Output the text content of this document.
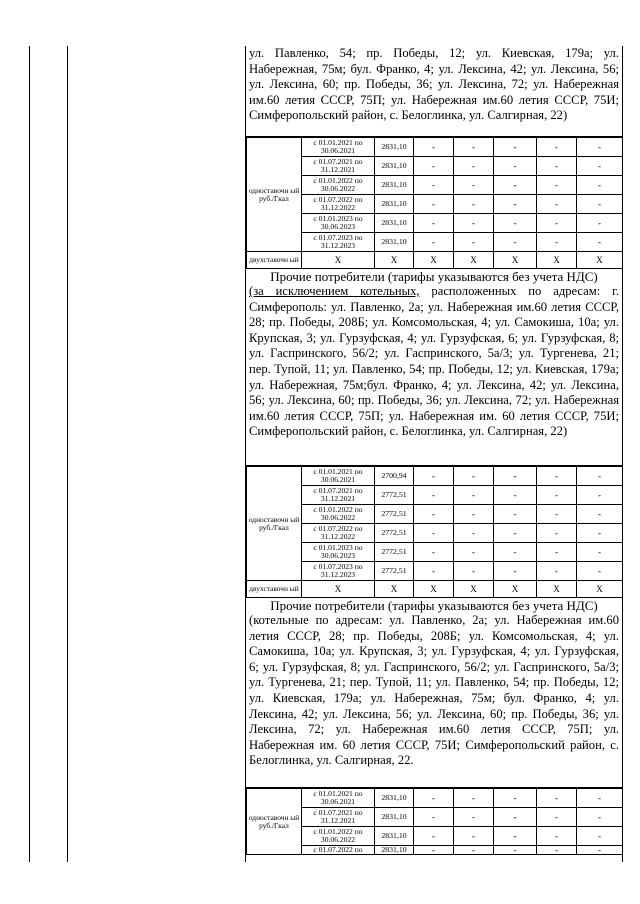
ул. Павленко, 54; пр. Победы, 12; ул. Киевская, 179а; ул. Набережная, 75м; бул. Франко, 4; ул. Лексина, 42; ул. Лексина, 56; ул. Лексина, 60; пр. Победы, 36; ул. Лексина, 72; ул. Набережная им.60 летия СССР, 75П; ул. Набережная им.60 летия СССР, 75И; Симферопольский район, с. Белоглинка, ул. Салгирная, 22)
одноставочн ый руб./Гкал	с 01.01.2021 по 30.06.2021	2831,10	-	-	-	-	-
	с 01.07.2021 по 31.12.2021	2831,10	-	-	-	-	-
	с 01.01.2022 по 30.06.2022	2831,10	-	-	-	-	-
	с 01.07.2022 по 31.12.2022	2831,10	-	-	-	-	-
	с 01.01.2023 по 30.06.2023	2831,10	-	-	-	-	-
	с 01.07.2023 по 31.12.2023	2831,10	-	-	-	-	-
двухставочн ый	X	X	X	X	X	X	X
Прочие потребители (тарифы указываются без учета НДС)
(за исключением котельных, расположенных по адресам: г. Симферополь: ул. Павленко, 2а; ул. Набережная им.60 летия СССР, 28; пр. Победы, 208Б; ул. Комсомольская, 4; ул. Самокиша, 10а; ул. Крупская, 3; ул. Гурзуфская, 4; ул. Гурзуфская, 6; ул. Гурзуфская, 8; ул. Гаспринского, 56/2; ул. Гаспринского, 5а/3; ул. Тургенева, 21; пер. Тупой, 11; ул. Павленко, 54; пр. Победы, 12; ул. Киевская, 179а; ул. Набережная, 75м;бул. Франко, 4; ул. Лексина, 42; ул. Лексина, 56; ул. Лексина, 60; пр. Победы, 36; ул. Лексина, 72; ул. Набережная им.60 летия СССР, 75П; ул. Набережная им. 60 летия СССР, 75И; Симферопольский район, с. Белоглинка, ул. Салгирная, 22)
одноставочн ый руб./Гкал	с 01.01.2021 по 30.06.2021	2700,94	-	-	-	-	-
	с 01.07.2021 по 31.12.2021	2772,51	-	-	-	-	-
	с 01.01.2022 по 30.06.2022	2772,51	-	-	-	-	-
	с 01.07.2022 по 31.12.2022	2772,51	-	-	-	-	-
	с 01.01.2023 по 30.06.2023	2772,51	-	-	-	-	-
	с 01.07.2023 по 31.12.2023	2772,51	-	-	-	-	-
двухставочн ый	X	X	X	X	X	X	X
Прочие потребители (тарифы указываются без учета НДС)
(котельные по адресам: ул. Павленко, 2а; ул. Набережная им.60 летия СССР, 28; пр. Победы, 208Б; ул. Комсомольская, 4; ул. Самокиша, 10а; ул. Крупская, 3; ул. Гурзуфская, 4; ул. Гурзуфская, 6; ул. Гурзуфская, 8; ул. Гаспринского, 56/2; ул. Гаспринского, 5а/3; ул. Тургенева, 21; пер. Тупой, 11; ул. Павленко, 54; пр. Победы, 12; ул. Киевская, 179а; ул. Набережная, 75м; бул. Франко, 4; ул. Лексина, 42; ул. Лексина, 56; ул. Лексина, 60; пр. Победы, 36; ул. Лексина, 72; ул. Набережная им.60 летия СССР, 75П; ул. Набережная им. 60 летия СССР, 75И; Симферопольский район, с. Белоглинка, ул. Салгирная, 22.
одноставочн ый руб./Гкал	с 01.01.2021 по 30.06.2021	2831,10	-	-	-	-	-
	с 01.07.2021 по 31.12.2021	2831,10	-	-	-	-	-
	с 01.01.2022 по 30.06.2022	2831,10	-	-	-	-	-
	с 01.07.2022 по	2831,10	-	-	-	-	-
